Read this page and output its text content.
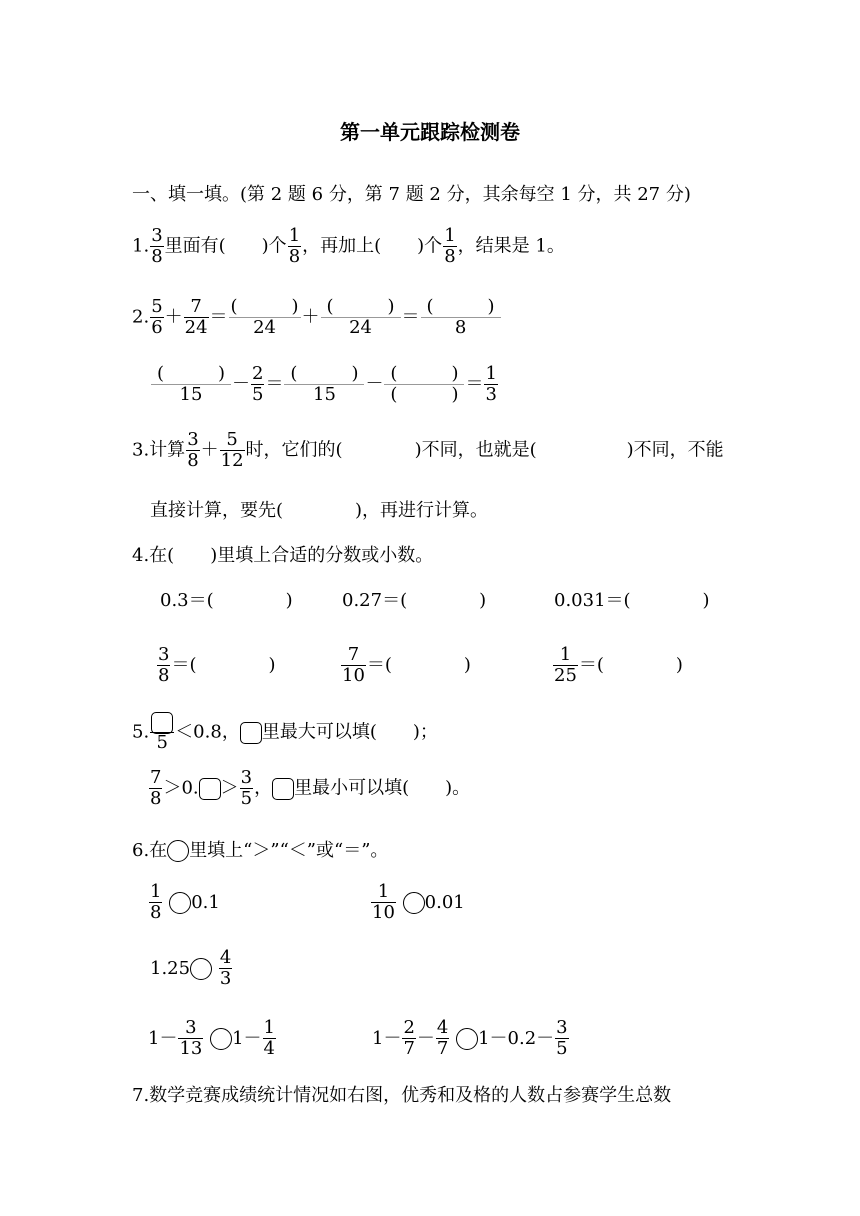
第一单元跟踪检测卷
一、填一填。(第 2 题 6 分，第 7 题 2 分，其余每空 1 分，共 27 分)
1. $\frac{3}{8}$ 里面有(　　)个 $\frac{1}{8}$ ，再加上(　　)个 $\frac{1}{8}$ ，结果是 1。
2. $\frac{5}{6} + \frac{7}{24} = \frac{( )}{24} + \frac{( )}{24} = \frac{( )}{8}$
$\frac{( )}{15} - \frac{2}{5} = \frac{( )}{15} - \frac{( )}{( )} = \frac{1}{3}$
3.计算 $\frac{3}{8} + \frac{5}{12}$ 时，它们的(　　　　)不同，也就是(　　　　　)不同，不能
直接计算，要先(　　　　)，再进行计算。
4.在(　　)里填上合适的分数或小数。
0.3＝(　　　　)	0.27＝(　　　　)	0.031＝(　　　　)
$\frac{3}{8}$ ＝(　　　　)	$\frac{7}{10}$ ＝(　　　　)	$\frac{1}{25}$ ＝(　　　　)
5. 5 ＜0.8， 里最大可以填(　　)；
$\frac{7}{8} >0$. ＞ $\frac{3}{5}$ ， 里最小可以填(　　)。
6.在 里填上“＞”“＜”或“＝”。
$\frac{1}{8} 0.1$	$\frac{1}{10} 0.01$
$1.25 \frac{4}{3}$
$1- \frac{3}{13} 1- \frac{1}{4}$	$1- \frac{2}{7} - \frac{4}{7} 1-0.2- \frac{3}{5}$
7.数学竞赛成绩统计情况如右图，优秀和及格的人数占参赛学生总数
